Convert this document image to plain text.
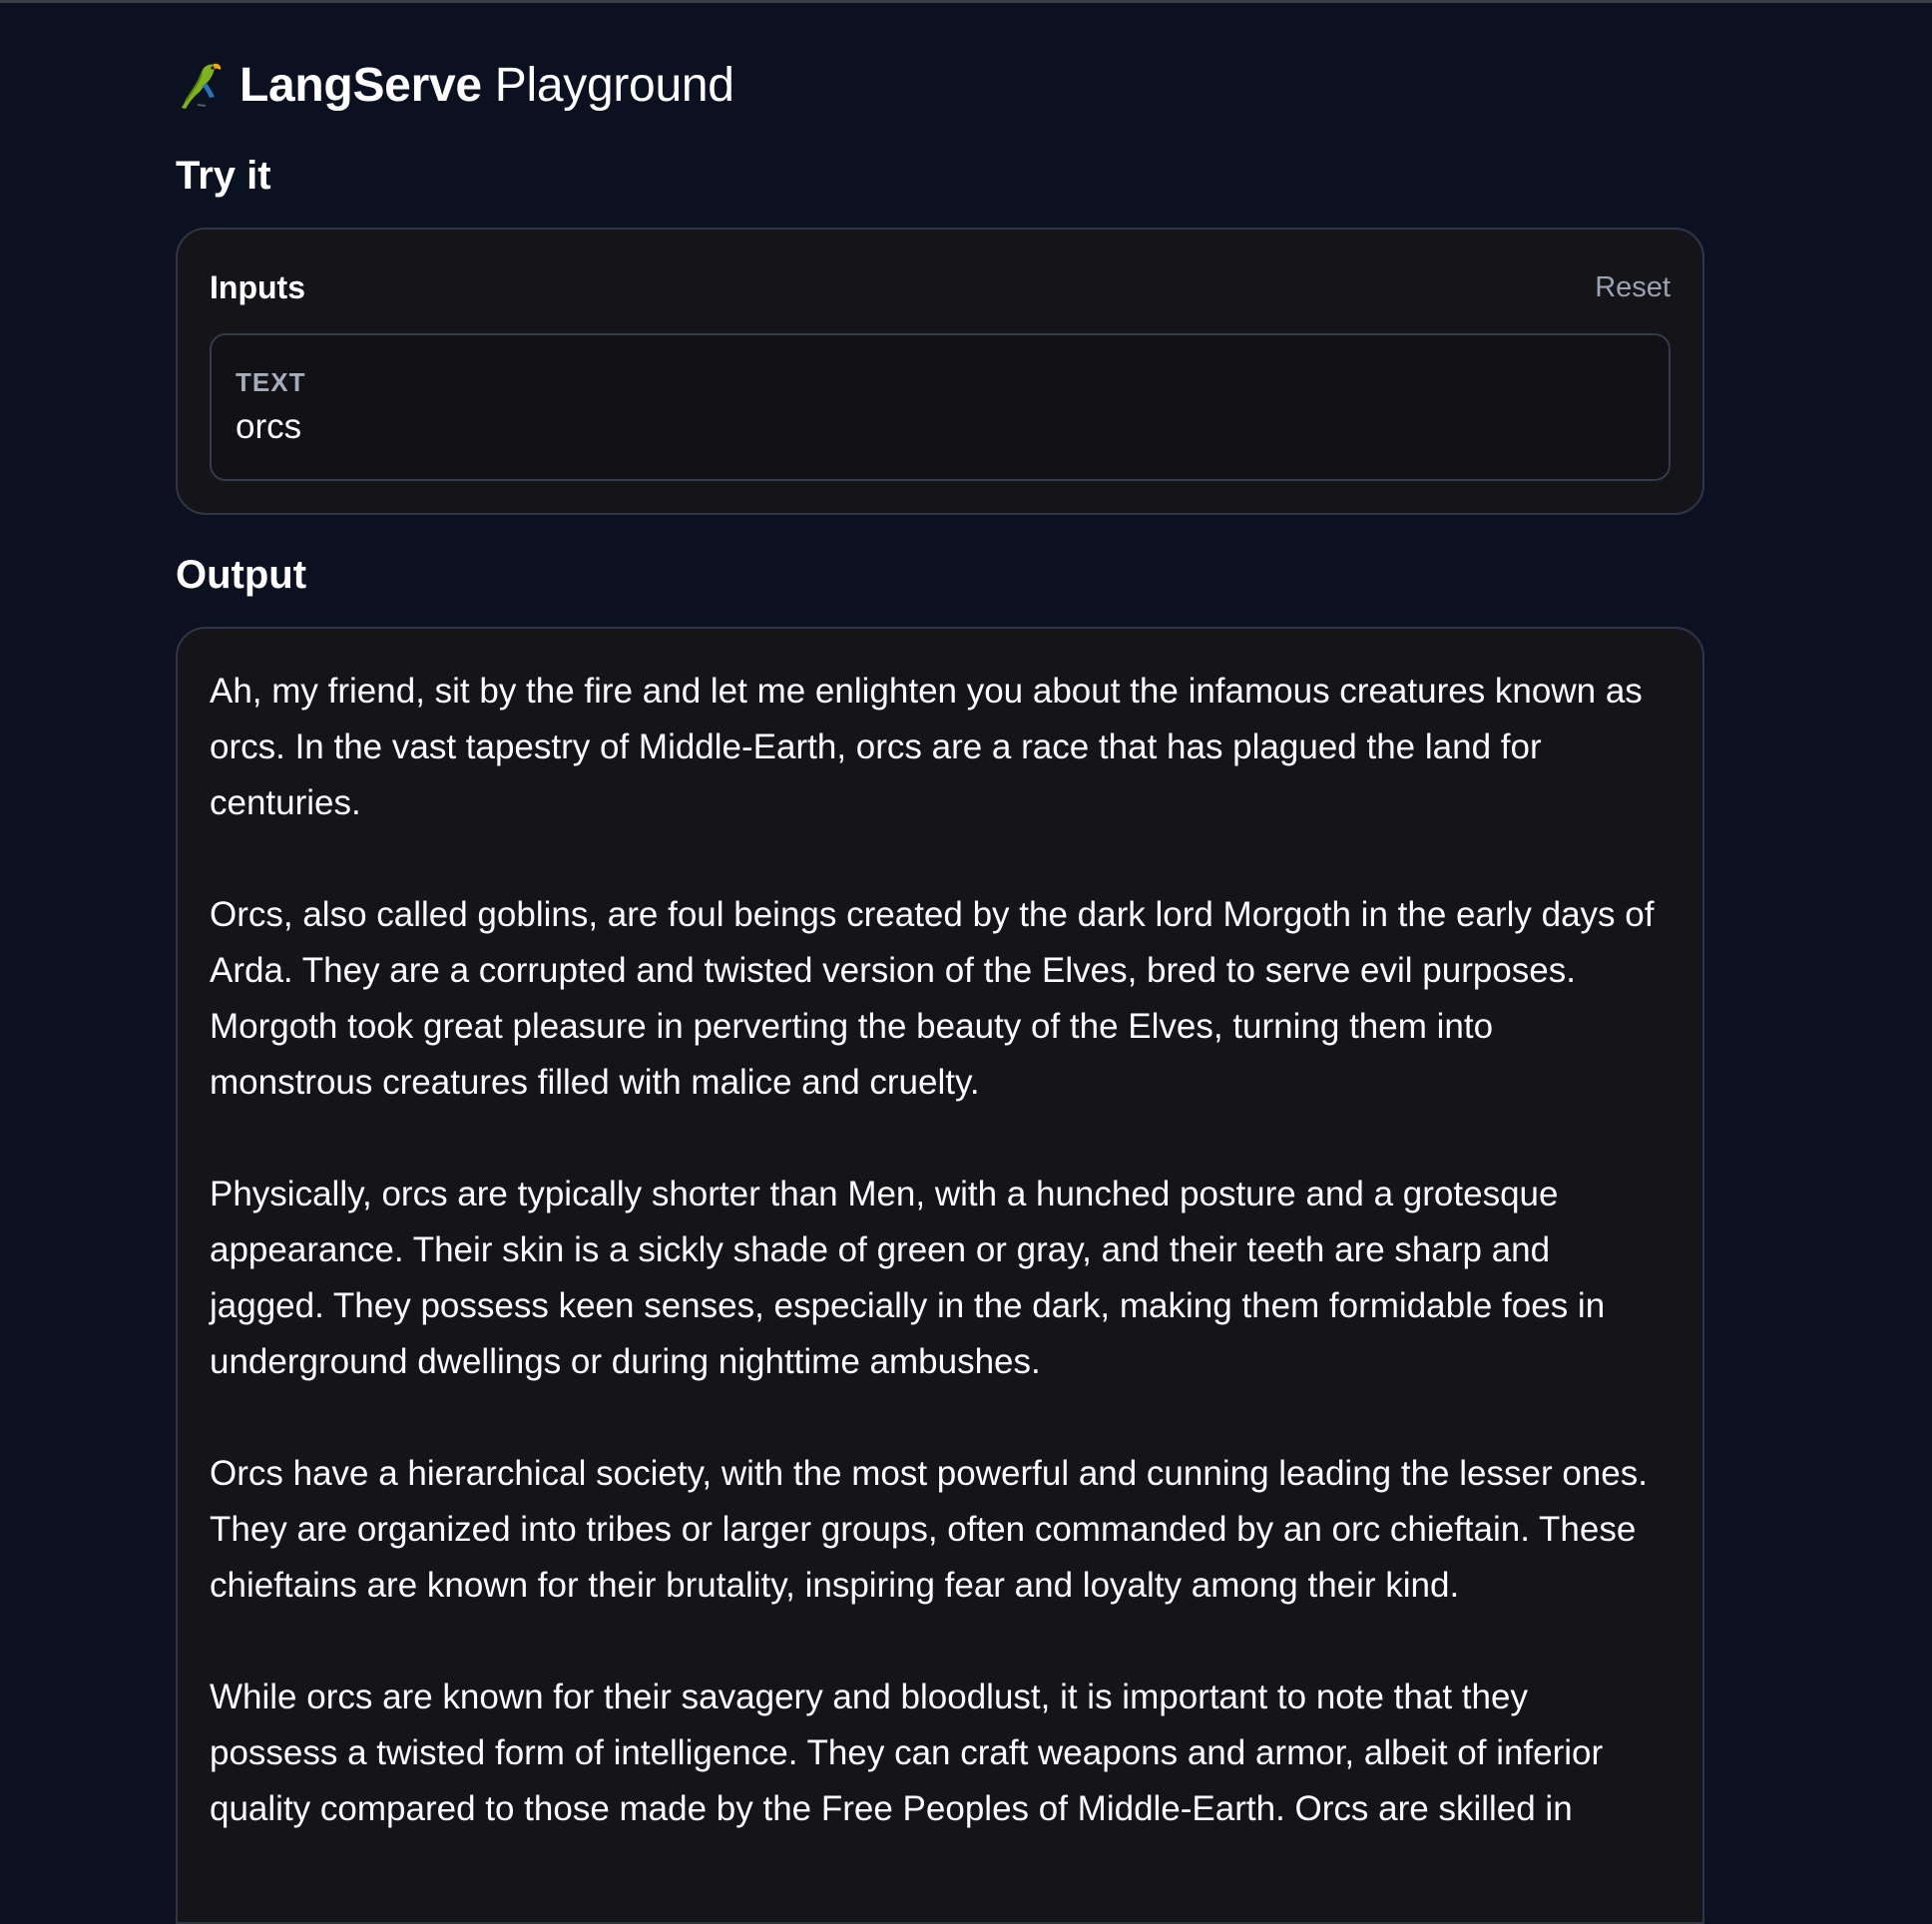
LangServe Playground
Try it
Inputs	Reset
TEXT
orcs
Output

Ah, my friend, sit by the fire and let me enlighten you about the infamous creatures known as orcs. In the vast tapestry of Middle-Earth, orcs are a race that has plagued the land for centuries.

Orcs, also called goblins, are foul beings created by the dark lord Morgoth in the early days of Arda. They are a corrupted and twisted version of the Elves, bred to serve evil purposes. Morgoth took great pleasure in perverting the beauty of the Elves, turning them into monstrous creatures filled with malice and cruelty.

Physically, orcs are typically shorter than Men, with a hunched posture and a grotesque appearance. Their skin is a sickly shade of green or gray, and their teeth are sharp and jagged. They possess keen senses, especially in the dark, making them formidable foes in underground dwellings or during nighttime ambushes.

Orcs have a hierarchical society, with the most powerful and cunning leading the lesser ones. They are organized into tribes or larger groups, often commanded by an orc chieftain. These chieftains are known for their brutality, inspiring fear and loyalty among their kind.

While orcs are known for their savagery and bloodlust, it is important to note that they possess a twisted form of intelligence. They can craft weapons and armor, albeit of inferior quality compared to those made by the Free Peoples of Middle-Earth. Orcs are skilled in
